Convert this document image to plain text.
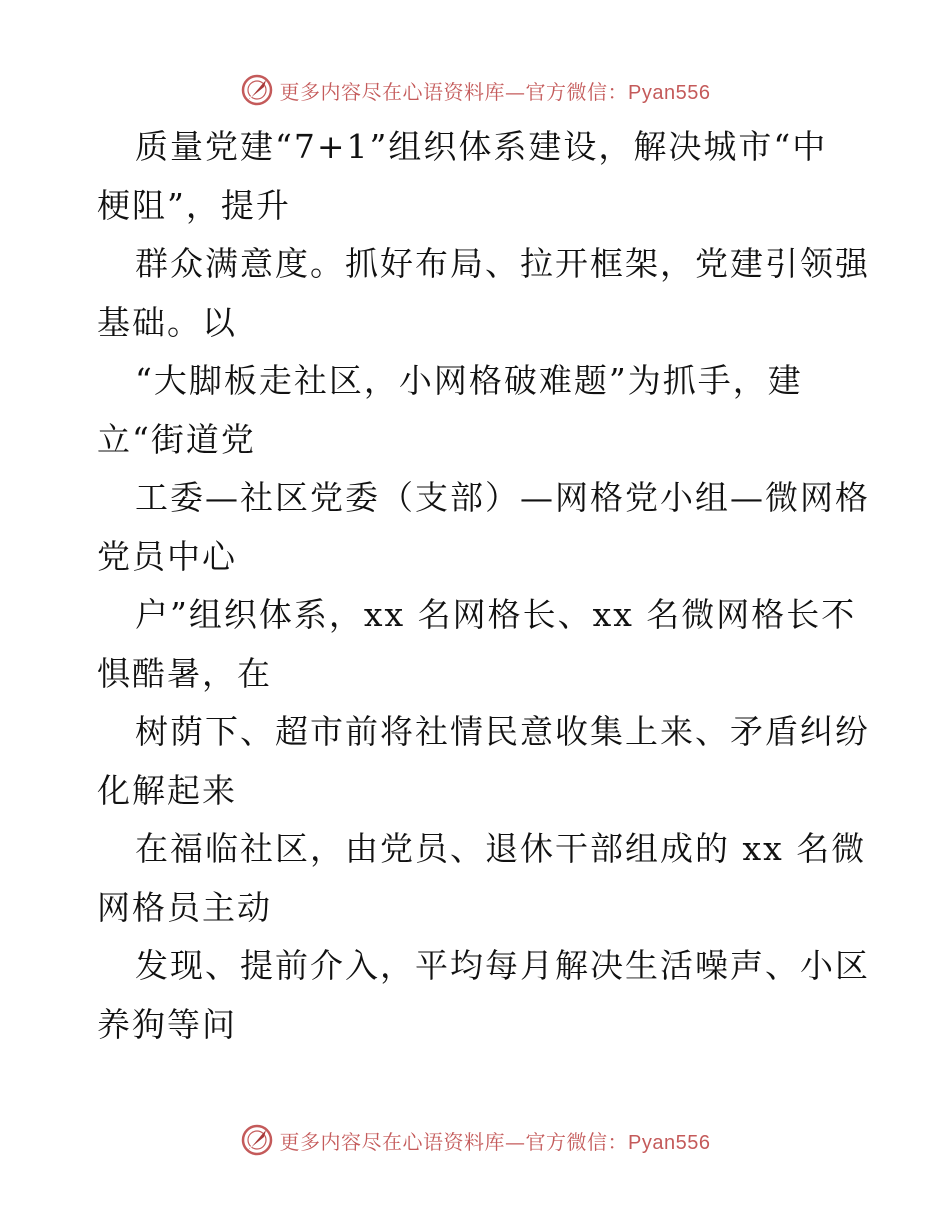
更多内容尽在心语资料库—官方微信：Pyan556
质量党建“7+1”组织体系建设，解决城市“中
梗阻”，提升
群众满意度。抓好布局、拉开框架，党建引领强
基础。以
“大脚板走社区，小网格破难题”为抓手，建
立“街道党
工委—社区党委（支部）—网格党小组—微网格
党员中心
户”组织体系，xx 名网格长、xx 名微网格长不
惧酷暑，在
树荫下、超市前将社情民意收集上来、矛盾纠纷
化解起来
在福临社区，由党员、退休干部组成的 xx 名微
网格员主动
发现、提前介入，平均每月解决生活噪声、小区
养狗等问
更多内容尽在心语资料库—官方微信：Pyan556
